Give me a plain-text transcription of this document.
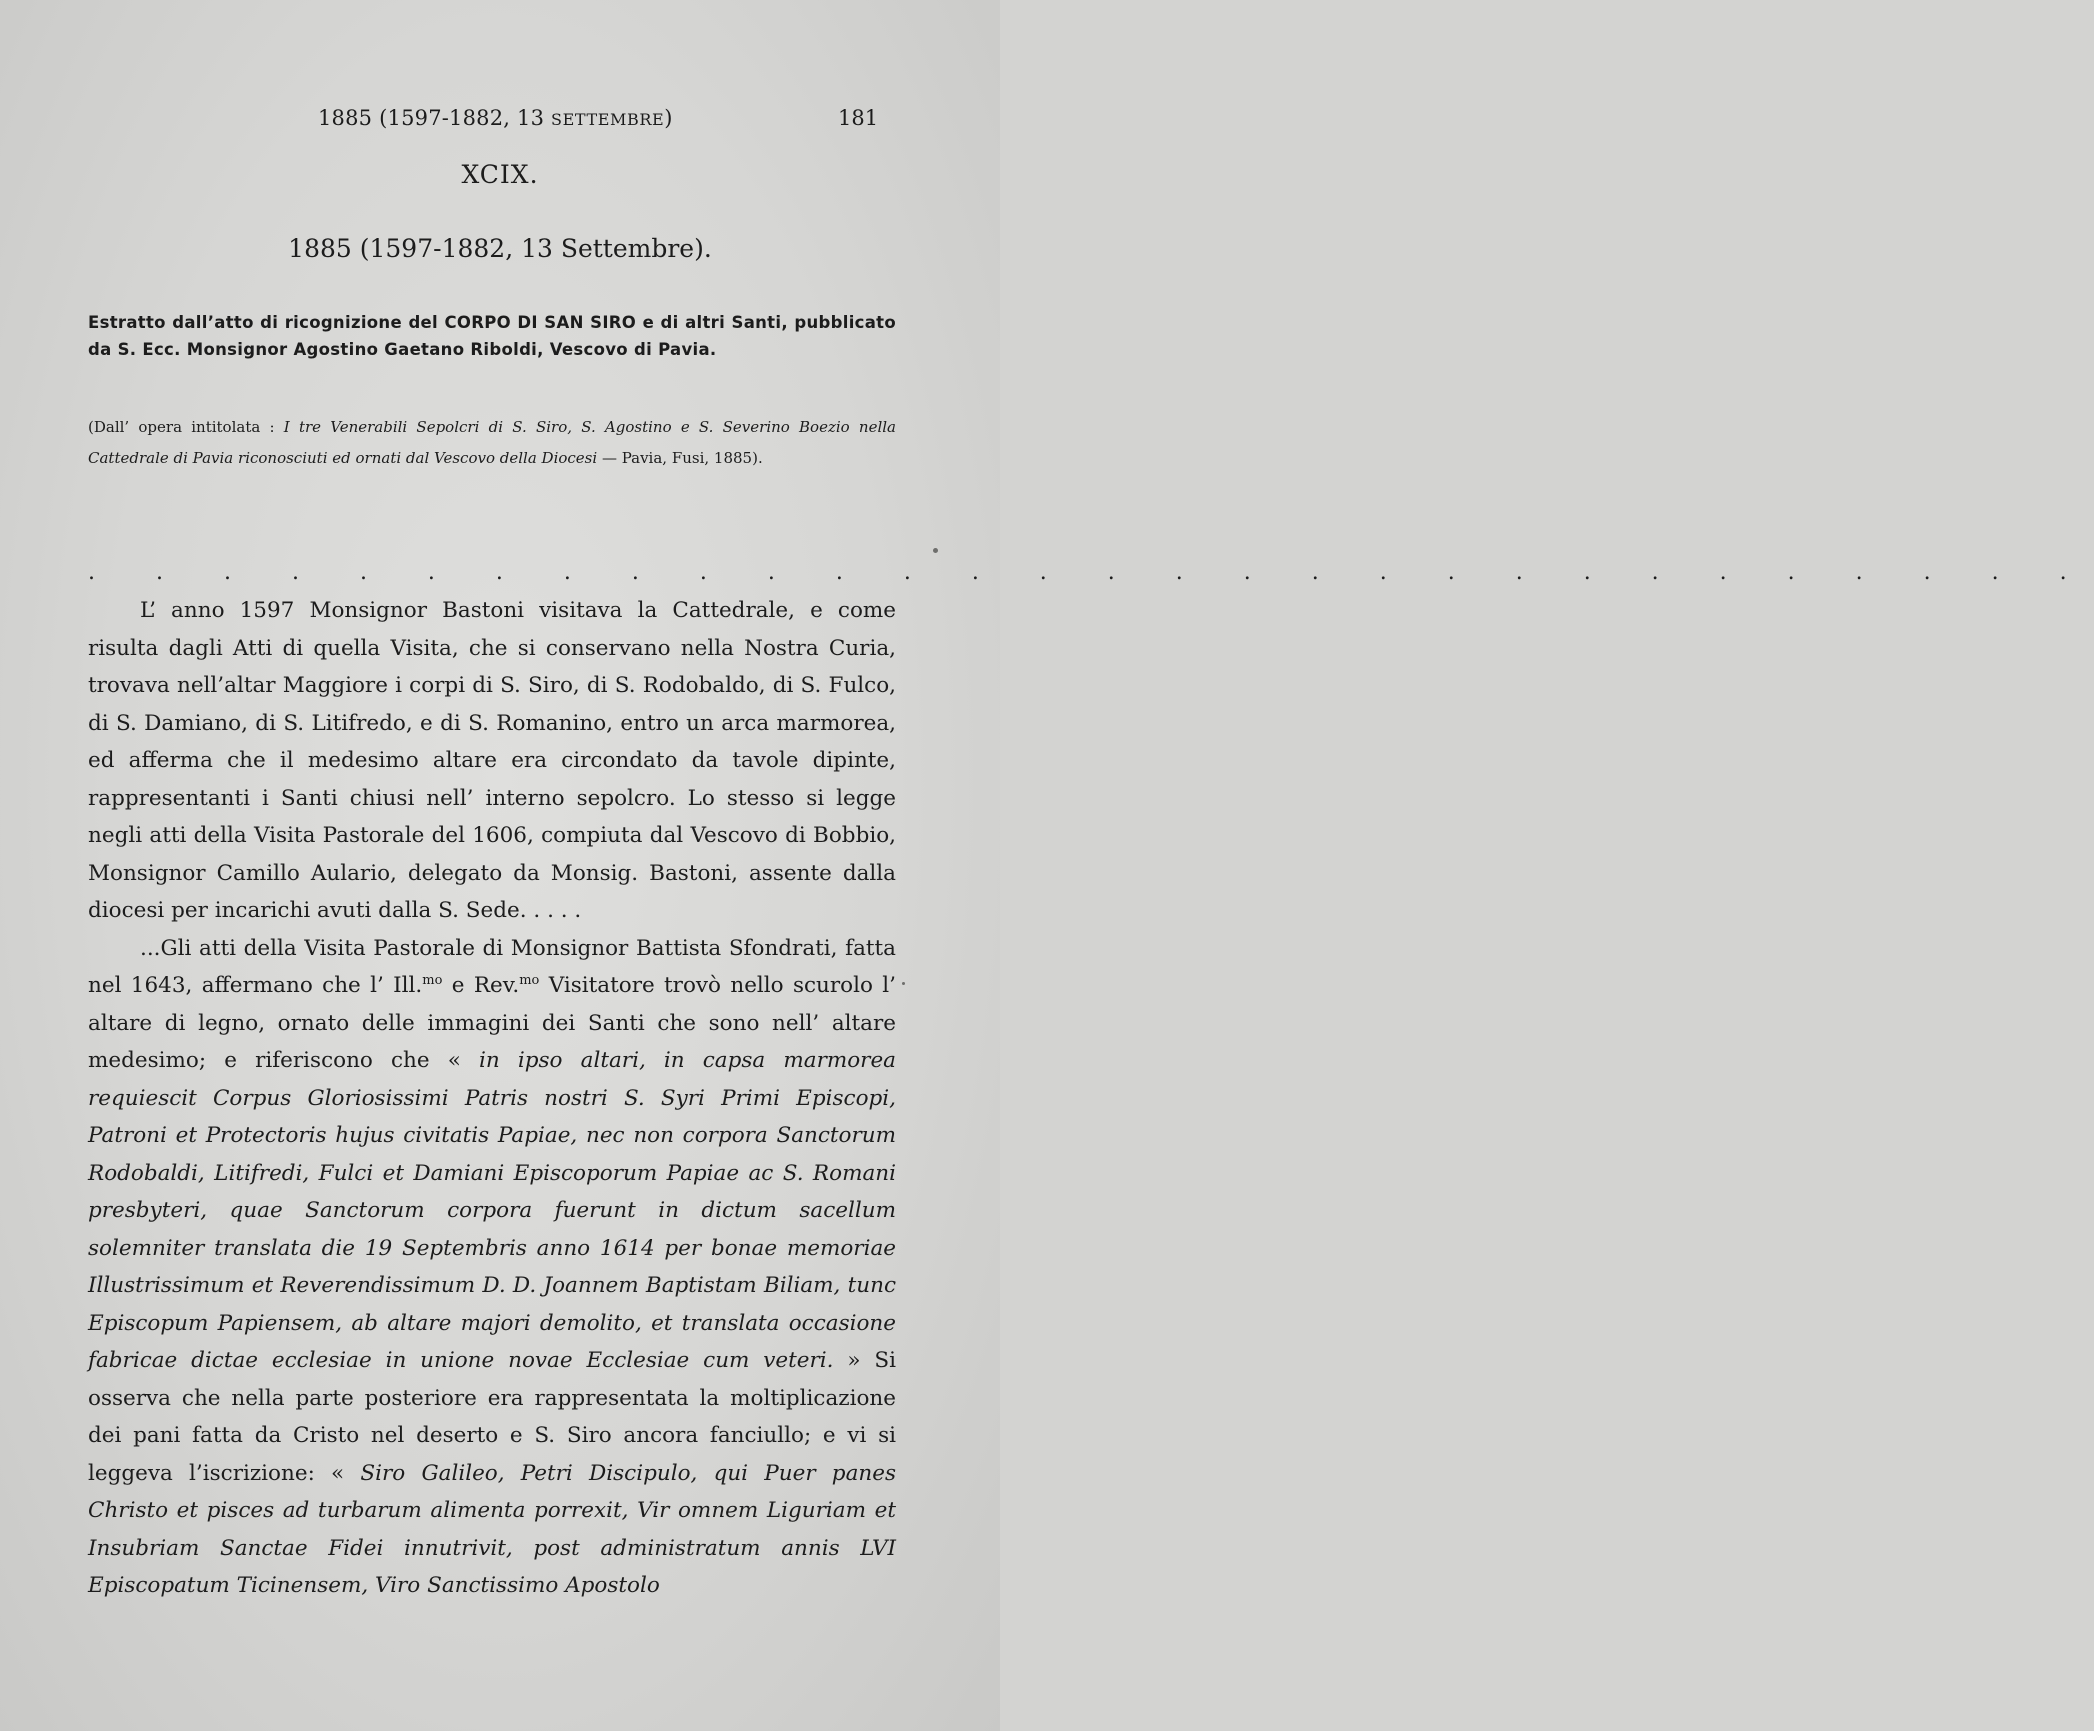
1885 (1597-1882, 13 SETTEMBRE)	181
XCIX.
1885 (1597-1882, 13 Settembre).
Estratto dall’atto di ricognizione del CORPO DI SAN SIRO e di altri Santi, pubblicato da S. Ecc. Monsignor Agostino Gaetano Riboldi, Vescovo di Pavia.
(Dall’ opera intitolata : I tre Venerabili Sepolcri di S. Siro, S. Agostino e S. Severino Boezio nella Cattedrale di Pavia riconosciuti ed ornati dal Vescovo della Diocesi — Pavia, Fusi, 1885).
. . . . . . . . . . . . . . . . . . . . . . . . . . . . . .

L’ anno 1597 Monsignor Bastoni visitava la Cattedrale, e come risulta dagli Atti di quella Visita, che si conservano nella Nostra Curia, trovava nell’altar Maggiore i corpi di S. Siro, di S. Rodobaldo, di S. Fulco, di S. Damiano, di S. Litifredo, e di S. Romanino, entro un arca marmorea, ed afferma che il medesimo altare era circondato da tavole dipinte, rappresentanti i Santi chiusi nell’ interno sepolcro. Lo stesso si legge negli atti della Visita Pastorale del 1606, compiuta dal Vescovo di Bobbio, Monsignor Camillo Aulario, delegato da Monsig. Bastoni, assente dalla diocesi per incarichi avuti dalla S. Sede. . . . .

...Gli atti della Visita Pastorale di Monsignor Battista Sfondrati, fatta nel 1643, affermano che l’ Ill.$^{mo}$ e Rev.$^{mo}$ Visitatore trovò nello scurolo l’ altare di legno, ornato delle immagini dei Santi che sono nell’ altare medesimo; e riferiscono che « in ipso altari, in capsa marmorea requiescit Corpus Gloriosissimi Patris nostri S. Syri Primi Episcopi, Patroni et Protectoris hujus civitatis Papiae, nec non corpora Sanctorum Rodobaldi, Litifredi, Fulci et Damiani Episcoporum Papiae ac S. Romani presbyteri, quae Sanctorum corpora fuerunt in dictum sacellum solemniter translata die 19 Septembris anno 1614 per bonae memoriae Illustrissimum et Reverendissimum D. D. Joannem Baptistam Biliam, tunc Episcopum Papiensem, ab altare majori demolito, et translata occasione fabricae dictae ecclesiae in unione novae Ecclesiae cum veteri. » Si osserva che nella parte posteriore era rappresentata la moltiplicazione dei pani fatta da Cristo nel deserto e S. Siro ancora fanciullo; e vi si leggeva l’iscrizione: « Siro Galileo, Petri Discipulo, qui Puer panes Christo et pisces ad turbarum alimenta porrexit, Vir omnem Liguriam et Insubriam Sanctae Fidei innutrivit, post administratum annis LVI Episcopatum Ticinensem, Viro Sanctissimo Apostolo
